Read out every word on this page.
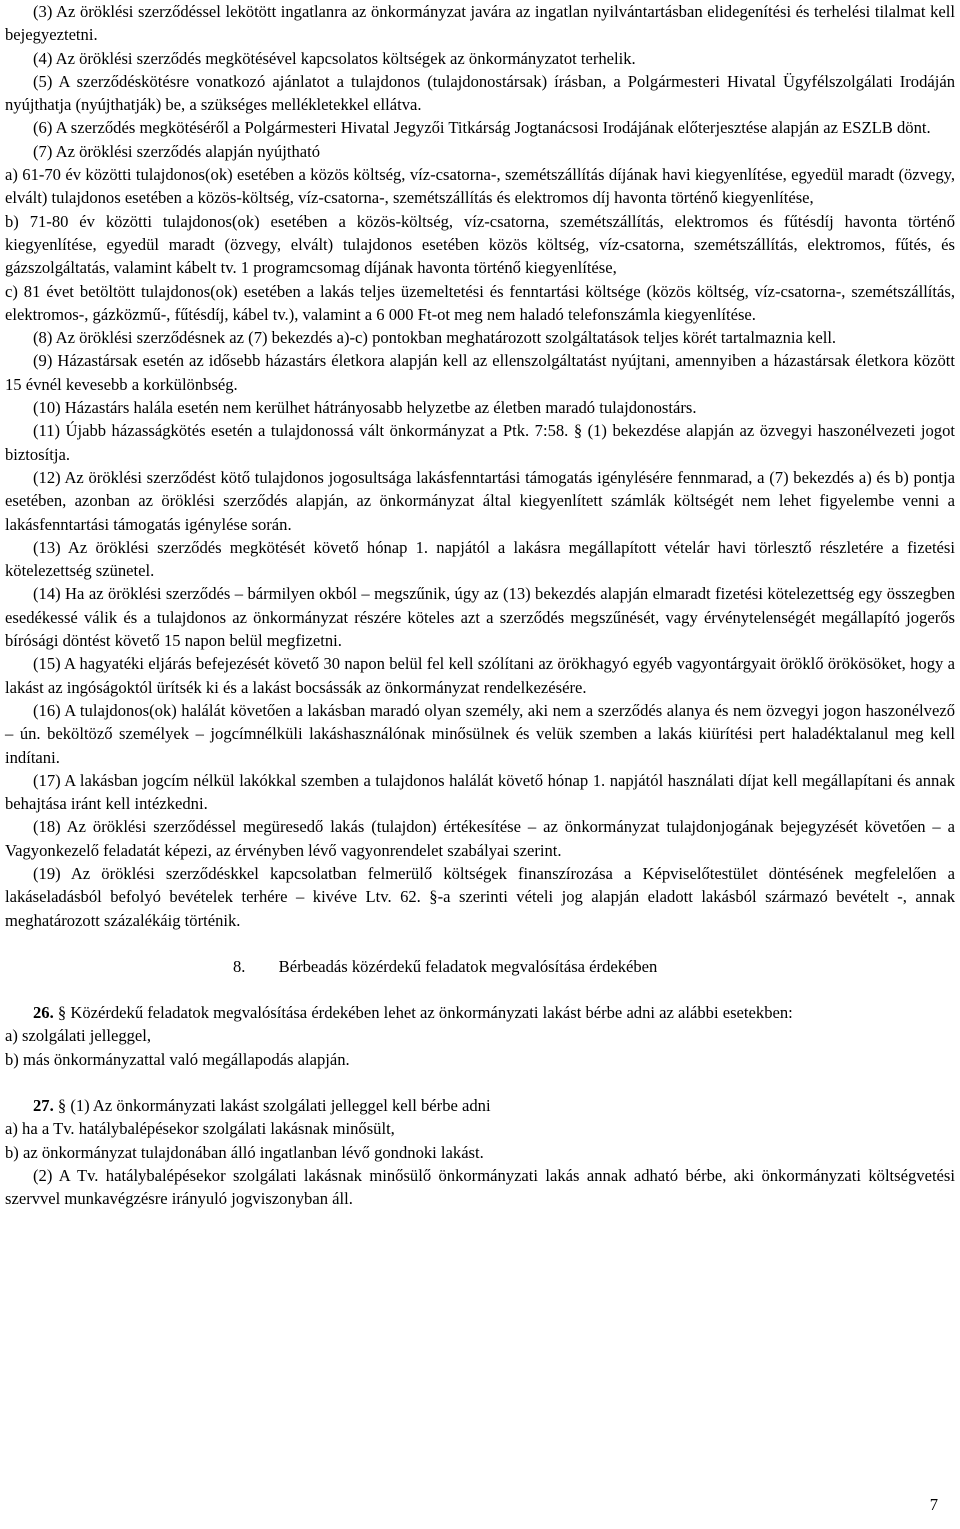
(3) Az öröklési szerződéssel lekötött ingatlanra az önkormányzat javára az ingatlan nyilvántartásban elidegenítési és terhelési tilalmat kell bejegyeztetni.

(4) Az öröklési szerződés megkötésével kapcsolatos költségek az önkormányzatot terhelik.

(5) A szerződéskötésre vonatkozó ajánlatot a tulajdonos (tulajdonostársak) írásban, a Polgármesteri Hivatal Ügyfélszolgálati Irodáján nyújthatja (nyújthatják) be, a szükséges mellékletekkel ellátva.

(6) A szerződés megkötéséről a Polgármesteri Hivatal Jegyzői Titkárság Jogtanácsosi Irodájának előterjesztése alapján az ESZLB dönt.

(7) Az öröklési szerződés alapján nyújtható

a) 61-70 év közötti tulajdonos(ok) esetében a közös költség, víz-csatorna-, szemétszállítás díjának havi kiegyenlítése, egyedül maradt (özvegy, elvált) tulajdonos esetében a közös-költség, víz-csatorna-, szemétszállítás és elektromos díj havonta történő kiegyenlítése,

b) 71-80 év közötti tulajdonos(ok) esetében a közös-költség, víz-csatorna, szemétszállítás, elektromos és fűtésdíj havonta történő kiegyenlítése, egyedül maradt (özvegy, elvált) tulajdonos esetében közös költség, víz-csatorna, szemétszállítás, elektromos, fűtés, és gázszolgáltatás, valamint kábelt tv. 1 programcsomag díjának havonta történő kiegyenlítése,

c) 81 évet betöltött tulajdonos(ok) esetében a lakás teljes üzemeltetési és fenntartási költsége (közös költség, víz-csatorna-, szemétszállítás, elektromos-, gázközmű-, fűtésdíj, kábel tv.), valamint a 6 000 Ft-ot meg nem haladó telefonszámla kiegyenlítése.

(8) Az öröklési szerződésnek az (7) bekezdés a)-c) pontokban meghatározott szolgáltatások teljes körét tartalmaznia kell.

(9) Házastársak esetén az idősebb házastárs életkora alapján kell az ellenszolgáltatást nyújtani, amennyiben a házastársak életkora között 15 évnél kevesebb a korkülönbség.

(10) Házastárs halála esetén nem kerülhet hátrányosabb helyzetbe az életben maradó tulajdonostárs.

(11) Újabb házasságkötés esetén a tulajdonossá vált önkormányzat a Ptk. 7:58. § (1) bekezdése alapján az özvegyi haszonélvezeti jogot biztosítja.

(12) Az öröklési szerződést kötő tulajdonos jogosultsága lakásfenntartási támogatás igénylésére fennmarad, a (7) bekezdés a) és b) pontja esetében, azonban az öröklési szerződés alapján, az önkormányzat által kiegyenlített számlák költségét nem lehet figyelembe venni a lakásfenntartási támogatás igénylése során.

(13) Az öröklési szerződés megkötését követő hónap 1. napjától a lakásra megállapított vételár havi törlesztő részletére a fizetési kötelezettség szünetel.

(14) Ha az öröklési szerződés – bármilyen okból – megszűnik, úgy az (13) bekezdés alapján elmaradt fizetési kötelezettség egy összegben esedékessé válik és a tulajdonos az önkormányzat részére köteles azt a szerződés megszűnését, vagy érvénytelenségét megállapító jogerős bírósági döntést követő 15 napon belül megfizetni.

(15) A hagyatéki eljárás befejezését követő 30 napon belül fel kell szólítani az örökhagyó egyéb vagyontárgyait öröklő örökösöket, hogy a lakást az ingóságoktól ürítsék ki és a lakást bocsássák az önkormányzat rendelkezésére.

(16) A tulajdonos(ok) halálát követően a lakásban maradó olyan személy, aki nem a szerződés alanya és nem özvegyi jogon haszonélvező – ún. beköltöző személyek – jogcímnélküli lakáshasználónak minősülnek és velük szemben a lakás kiürítési pert haladéktalanul meg kell indítani.

(17) A lakásban jogcím nélkül lakókkal szemben a tulajdonos halálát követő hónap 1. napjától használati díjat kell megállapítani és annak behajtása iránt kell intézkedni.

(18) Az öröklési szerződéssel megüresedő lakás (tulajdon) értékesítése – az önkormányzat tulajdonjogának bejegyzését követően – a Vagyonkezelő feladatát képezi, az érvényben lévő vagyonrendelet szabályai szerint.

(19) Az öröklési szerződéskkel kapcsolatban felmerülő költségek finanszírozása a Képviselőtestület döntésének megfelelően a lakáseladásból befolyó bevételek terhére – kivéve Ltv. 62. §-a szerinti vételi jog alapján eladott lakásból származó bevételt -, annak meghatározott százalékáig történik.

8.  Bérbeadás közérdekű feladatok megvalósítása érdekében

26. § Közérdekű feladatok megvalósítása érdekében lehet az önkormányzati lakást bérbe adni az alábbi esetekben:

a) szolgálati jelleggel,

b) más önkormányzattal való megállapodás alapján.

27. § (1) Az önkormányzati lakást szolgálati jelleggel kell bérbe adni

a) ha a Tv. hatálybalépésekor szolgálati lakásnak minősült,

b) az önkormányzat tulajdonában álló ingatlanban lévő gondnoki lakást.

(2) A Tv. hatálybalépésekor szolgálati lakásnak minősülő önkormányzati lakás annak adható bérbe, aki önkormányzati költségvetési szervvel munkavégzésre irányuló jogviszonyban áll.

7
